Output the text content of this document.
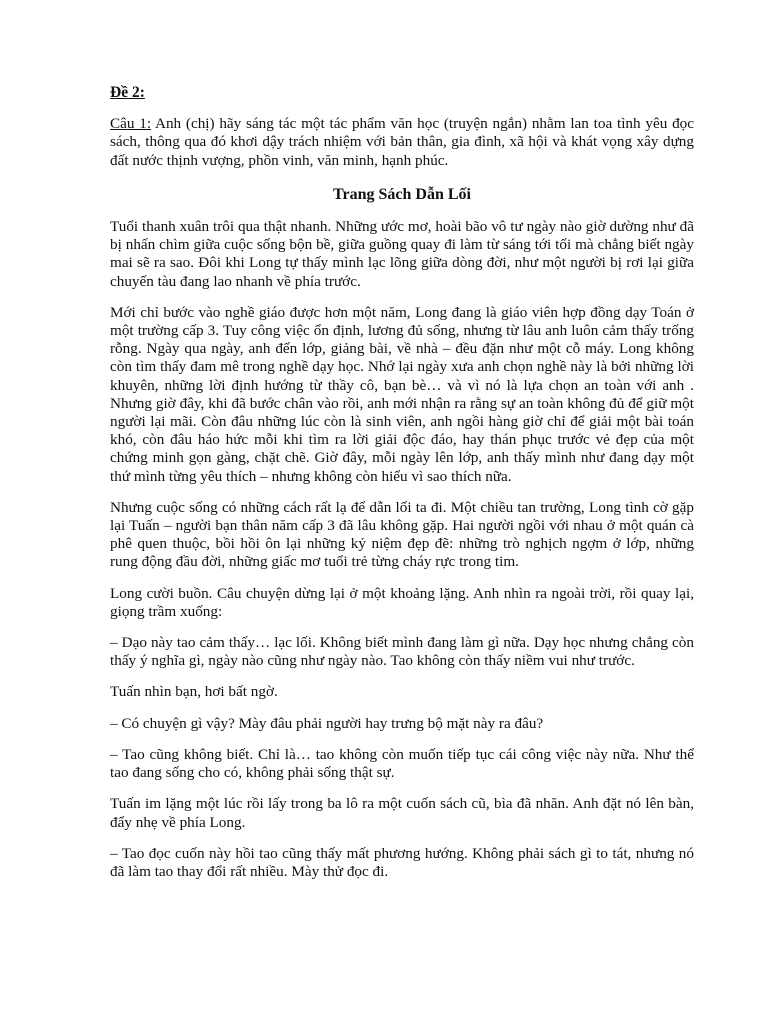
Đề 2:

Câu 1: Anh (chị) hãy sáng tác một tác phẩm văn học (truyện ngắn) nhằm lan toa tình yêu đọc sách, thông qua đó khơi dậy trách nhiệm với bản thân, gia đình, xã hội và khát vọng xây dựng đất nước thịnh vượng, phồn vinh, văn minh, hạnh phúc.

Trang Sách Dẫn Lối

Tuổi thanh xuân trôi qua thật nhanh. Những ước mơ, hoài bão vô tư ngày nào giờ dường như đã bị nhấn chìm giữa cuộc sống bộn bề, giữa guồng quay đi làm từ sáng tới tối mà chẳng biết ngày mai sẽ ra sao. Đôi khi Long tự thấy mình lạc lõng giữa dòng đời, như một người bị rơi lại giữa chuyến tàu đang lao nhanh về phía trước.

Mới chỉ bước vào nghề giáo được hơn một năm, Long đang là giáo viên hợp đồng dạy Toán ở một trường cấp 3. Tuy công việc ổn định, lương đủ sống, nhưng từ lâu anh luôn cảm thấy trống rỗng. Ngày qua ngày, anh đến lớp, giảng bài, về nhà – đều đặn như một cỗ máy. Long không còn tìm thấy đam mê trong nghề dạy học. Nhớ lại ngày xưa anh chọn nghề này là bởi những lời khuyên, những lời định hướng từ thầy cô, bạn bè… và vì nó là lựa chọn an toàn với anh . Nhưng giờ đây, khi đã bước chân vào rồi, anh mới nhận ra rằng sự an toàn không đủ để giữ một người lại mãi. Còn đâu những lúc còn là sinh viên, anh ngồi hàng giờ chỉ để giải một bài toán khó, còn đâu háo hức mỗi khi tìm ra lời giải độc đáo, hay thán phục trước vẻ đẹp của một chứng minh gọn gàng, chặt chẽ. Giờ đây, mỗi ngày lên lớp, anh thấy mình như đang dạy một thứ mình từng yêu thích – nhưng không còn hiểu vì sao thích nữa.

Nhưng cuộc sống có những cách rất lạ để dẫn lối ta đi. Một chiều tan trường, Long tình cờ gặp lại Tuấn – người bạn thân năm cấp 3 đã lâu không gặp. Hai người ngồi với nhau ở một quán cà phê quen thuộc, bồi hồi ôn lại những kỷ niệm đẹp đẽ: những trò nghịch ngợm ở lớp, những rung động đầu đời, những giấc mơ tuổi trẻ từng cháy rực trong tim.

Long cười buồn. Câu chuyện dừng lại ở một khoảng lặng. Anh nhìn ra ngoài trời, rồi quay lại, giọng trầm xuống:

– Dạo này tao cảm thấy… lạc lối. Không biết mình đang làm gì nữa. Dạy học nhưng chẳng còn thấy ý nghĩa gì, ngày nào cũng như ngày nào. Tao không còn thấy niềm vui như trước.

Tuấn nhìn bạn, hơi bất ngờ.

– Có chuyện gì vậy? Mày đâu phải người hay trưng bộ mặt này ra đâu?

– Tao cũng không biết. Chỉ là… tao không còn muốn tiếp tục cái công việc này nữa. Như thể tao đang sống cho có, không phải sống thật sự.

Tuấn im lặng một lúc rồi lấy trong ba lô ra một cuốn sách cũ, bìa đã nhăn. Anh đặt nó lên bàn, đẩy nhẹ về phía Long.

– Tao đọc cuốn này hồi tao cũng thấy mất phương hướng. Không phải sách gì to tát, nhưng nó đã làm tao thay đổi rất nhiều. Mày thử đọc đi.
